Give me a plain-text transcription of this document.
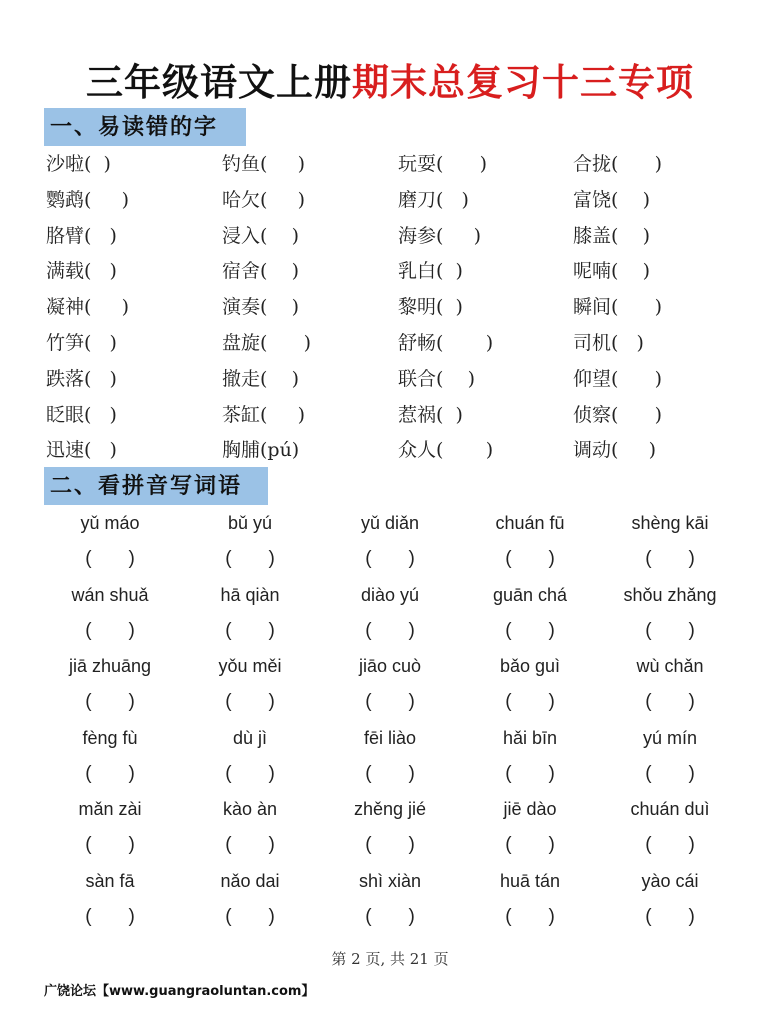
三年级语文上册期末总复习十三专项
一、易读错的字
沙啦(  )	钓鱼(     )	玩耍(      )	合拢(      )
鹦鹉(     )	哈欠(     )	磨刀(   )	富饶(    )
胳臂(   )	浸入(    )	海参(     )	膝盖(    )
满载(   )	宿舍(    )	乳白(  )	呢喃(    )
凝神(     )	演奏(    )	黎明(  )	瞬间(      )
竹笋(   )	盘旋(      )	舒畅(       )	司机(   )
跌落(   )	撤走(    )	联合(    )	仰望(      )
眨眼(   )	茶缸(     )	惹祸(  )	侦察(      )
迅速(   )	胸脯(pú)	众人(       )	调动(     )
二、看拼音写词语
yǔ máo	bǔ yú	yǔ diǎn	chuán fū	shèng kāi
(       )	(       )	(       )	(       )	(       )
wán shuǎ	hā qiàn	diào yú	guān chá	shǒu zhǎng
(       )	(       )	(       )	(       )	(       )
jiā zhuāng	yǒu měi	jiāo cuò	bǎo guì	wù chǎn
(       )	(       )	(       )	(       )	(       )
fèng fù	dù jì	fēi liào	hǎi bīn	yú mín
(       )	(       )	(       )	(       )	(       )
mǎn zài	kào àn	zhěng jié	jiē dào	chuán duì
(       )	(       )	(       )	(       )	(       )
sàn fā	nǎo dai	shì xiàn	huā tán	yào cái
(       )	(       )	(       )	(       )	(       )
第 2 页, 共 21 页
广饶论坛【www.guangraoluntan.com】
